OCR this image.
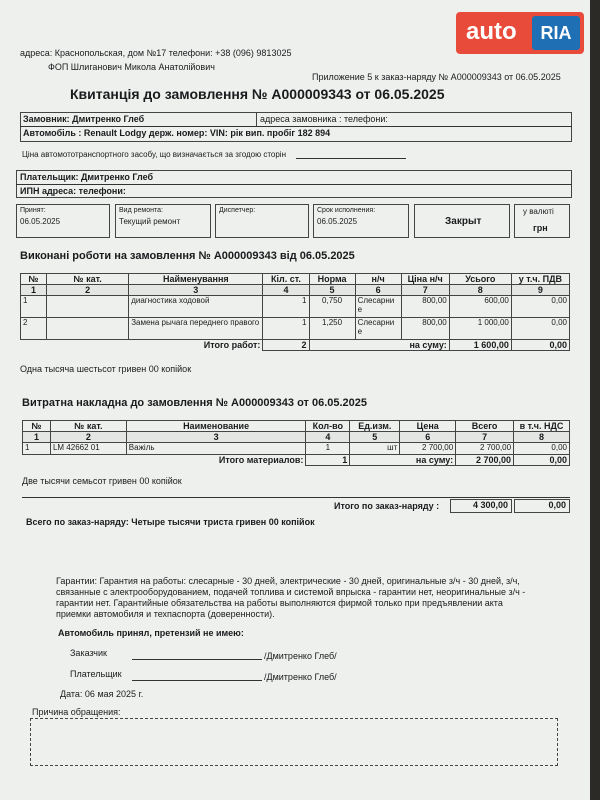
auto	RIA
адреса: Краснопольская, дом №17 телефони: +38 (096) 9813025
ФОП Шлиганович Микола Анатолійович
Приложение 5 к заказ-наряду № А000009343 от 06.05.2025
Квитанція до замовлення № А000009343 от 06.05.2025
Замовник: Дмитренко Глеб	адреса замовника : телефони:
Автомобіль : Renault Lodgy держ. номер: VIN: рік вип. пробіг 182 894
Ціна автомототранспортного засобу, що визначається за згодою сторін
Плательщик: Дмитренко Глеб
ИПН адреса: телефони:
Принят:
06.05.2025
Вид ремонта:
Текущий ремонт
Диспетчер:	Срок исполнения:
06.05.2025	Закрыт
у валюті
грн
Виконані роботи на замовлення № А000009343 від 06.05.2025
№	№ кат.	Найменування	Кіл. ст.	Норма	н/ч	Ціна н/ч	Усього	у т.ч. ПДВ
1	2	3	4	5	6	7	8	9
1		диагностика ходовой	1	0,750	Слесарни е	800,00	600,00	0,00
2		Замена рычага переднего правого	1	1,250	Слесарни е	800,00	1 000,00	0,00
Итого работ:			2	на суму:			1 600,00	0,00
Одна тысяча шестьсот гривен 00 копійок
Витратна накладна до замовлення № А000009343 от 06.05.2025
№	№ кат.	Наименование	Кол-во	Ед.изм.	Цена	Всего	в т.ч. НДС
1	2	3	4	5	6	7	8
1	LM 42662 01	Важіль	1	шт	2 700,00	2 700,00	0,00
Итого материалов:			1	на суму:		2 700,00	0,00
Две тысячи семьсот гривен 00 копійок
Итого по заказ-наряду :	4 300,00	0,00
Всего по заказ-наряду: Четыре тысячи триста гривен 00 копійок
Гарантии: Гарантия на работы: слесарные - 30 дней, электрические - 30 дней, оригинальные з/ч - 30 дней, з/ч,
связанные с электрооборудованием, подачей топлива и системой впрыска - гарантии нет, неоригинальные з/ч -
гарантии нет. Гарантийные обязательства на работы выполняются фирмой только при предъявлении акта
приемки автомобиля и техпаспорта (доверенности).
Автомобиль принял, претензий не имею:
Заказчик	/Дмитренко Глеб/
Плательщик	/Дмитренко Глеб/
Дата: 06 мая 2025 г.
Причина обращения:
